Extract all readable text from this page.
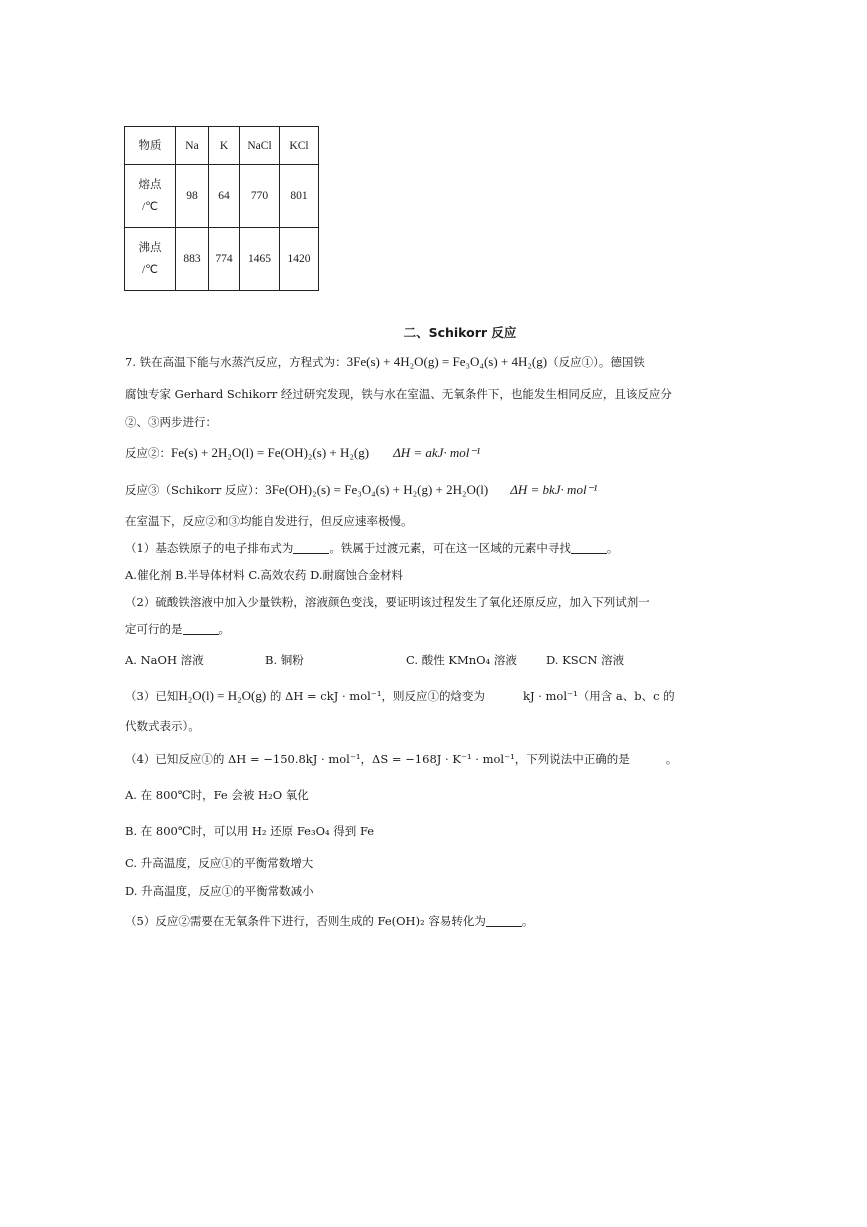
物质	Na	K	NaCl	KCl
熔点
/℃	98	64	770	801
沸点
/℃	883	774	1465	1420
二、Schikorr 反应
7. 铁在高温下能与水蒸汽反应，方程式为：3Fe(s) + 4H₂O(g) = Fe₃O₄(s) + 4H₂(g)（反应①）。德国铁
腐蚀专家 Gerhard Schikorr 经过研究发现，铁与水在室温、无氧条件下，也能发生相同反应，且该反应分
②、③两步进行：
反应②：Fe(s) + 2H₂O(l) = Fe(OH)₂(s) + H₂(g) ΔH = akJ· mol⁻¹
反应③（Schikorr 反应）：3Fe(OH)₂(s) = Fe₃O₄(s) + H₂(g) + 2H₂O(l) ΔH = bkJ· mol⁻¹
在室温下，反应②和③均能自发进行，但反应速率极慢。
（1）基态铁原子的电子排布式为	。铁属于过渡元素，可在这一区域的元素中寻找	。
A.催化剂 B.半导体材料 C.高效农药 D.耐腐蚀合金材料
（2）硫酸铁溶液中加入少量铁粉，溶液颜色变浅，要证明该过程发生了氧化还原反应，加入下列试剂一
定可行的是	。
A. NaOH 溶液	B. 铜粉	C. 酸性 KMnO₄ 溶液	D. KSCN 溶液
（3）已知H₂O(l) = H₂O(g) 的 ΔH = ckJ · mol⁻¹，则反应①的焓变为	kJ · mol⁻¹（用含 a、b、c 的
代数式表示）。
（4）已知反应①的 ΔH = −150.8kJ · mol⁻¹，ΔS = −168J · K⁻¹ · mol⁻¹，下列说法中正确的是	。
A. 在 800℃时，Fe 会被 H₂O 氧化
B. 在 800℃时，可以用 H₂ 还原 Fe₃O₄ 得到 Fe
C. 升高温度，反应①的平衡常数增大
D. 升高温度，反应①的平衡常数减小
（5）反应②需要在无氧条件下进行，否则生成的 Fe(OH)₂ 容易转化为	。
